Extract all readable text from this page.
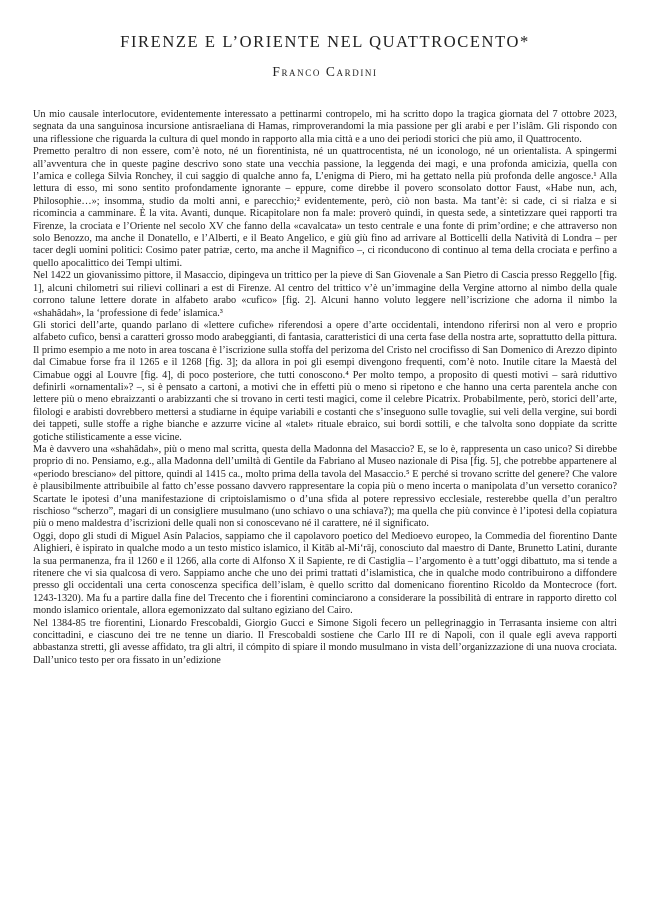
FIRENZE E L’ORIENTE NEL QUATTROCENTO*
Franco Cardini

Un mio causale interlocutore, evidentemente interessato a pettinarmi contropelo, mi ha scritto dopo la tragica giornata del 7 ottobre 2023, segnata da una sanguinosa incursione antisraeliana di Hamas, rimproverandomi la mia passione per gli arabi e per l’islâm. Gli rispondo con una riflessione che riguarda la cultura di quel mondo in rapporto alla mia città e a uno dei periodi storici che più amo, il Quattrocento.

Premetto peraltro di non essere, com’è noto, né un fiorentinista, né un quattrocentista, né un iconologo, né un orientalista. A spingermi all’avventura che in queste pagine descrivo sono state una vecchia passione, la leggenda dei magi, e una profonda amicizia, quella con l’amica e collega Silvia Ronchey, il cui saggio di qualche anno fa, L’enigma di Piero, mi ha gettato nella più profonda delle angosce.¹ Alla lettura di esso, mi sono sentito profondamente ignorante – eppure, come direbbe il povero sconsolato dottor Faust, «Habe nun, ach, Philosophie…»; insomma, studio da molti anni, e parecchio;² evidentemente, però, ciò non basta. Ma tant’è: si cade, ci si rialza e si ricomincia a camminare. È la vita. Avanti, dunque. Ricapitolare non fa male: proverò quindi, in questa sede, a sintetizzare quei rapporti tra Firenze, la crociata e l’Oriente nel secolo XV che fanno della «cavalcata» un testo centrale e una fonte di prim’ordine; e che attraverso non solo Benozzo, ma anche il Donatello, e l’Alberti, e il Beato Angelico, e giù giù fino ad arrivare al Botticelli della Natività di Londra – per tacer degli uomini politici: Cosimo pater patriæ, certo, ma anche il Magnifico –, ci riconducono di continuo al tema della crociata e perfino a quello apocalittico dei Tempi ultimi.

Nel 1422 un giovanissimo pittore, il Masaccio, dipingeva un trittico per la pieve di San Giovenale a San Pietro di Cascia presso Reggello [fig. 1], alcuni chilometri sui rilievi collinari a est di Firenze. Al centro del trittico v’è un’immagine della Vergine attorno al nimbo della quale corrono talune lettere dorate in alfabeto arabo «cufico» [fig. 2]. Alcuni hanno voluto leggere nell’iscrizione che adorna il nimbo la «shahâdah», la ‘professione di fede’ islamica.³

Gli storici dell’arte, quando parlano di «lettere cufiche» riferendosi a opere d’arte occidentali, intendono riferirsi non al vero e proprio alfabeto cufico, bensì a caratteri grosso modo arabeggianti, di fantasia, caratteristici di una certa fase della nostra arte, soprattutto della pittura. Il primo esempio a me noto in area toscana è l’iscrizione sulla stoffa del perizoma del Cristo nel crocifisso di San Domenico di Arezzo dipinto dal Cimabue forse fra il 1265 e il 1268 [fig. 3]; da allora in poi gli esempi divengono frequenti, com’è noto. Inutile citare la Maestà del Cimabue oggi al Louvre [fig. 4], di poco posteriore, che tutti conoscono.⁴ Per molto tempo, a proposito di questi motivi – sarà riduttivo definirli «ornamentali»? –, si è pensato a cartoni, a motivi che in effetti più o meno si ripetono e che hanno una certa parentela anche con lettere più o meno ebraizzanti o arabizzanti che si trovano in certi testi magici, come il celebre Picatrix. Probabilmente, però, storici dell’arte, filologi e arabisti dovrebbero mettersi a studiarne in équipe variabili e costanti che s’inseguono sulle tovaglie, sui veli della vergine, sui bordi dei tappeti, sulle stoffe a righe bianche e azzurre vicine al «talet» rituale ebraico, sui bordi sottili, e che talvolta sono doppiate da scritte gotiche stilisticamente a esse vicine.

Ma è davvero una «shahâdah», più o meno mal scritta, questa della Madonna del Masaccio? E, se lo è, rappresenta un caso unico? Si direbbe proprio di no. Pensiamo, e.g., alla Madonna dell’umiltà di Gentile da Fabriano al Museo nazionale di Pisa [fig. 5], che potrebbe appartenere al «periodo bresciano» del pittore, quindi al 1415 ca., molto prima della tavola del Masaccio.⁵ E perché si trovano scritte del genere? Che valore è plausibilmente attribuibile al fatto ch’esse possano davvero rappresentare la copia più o meno incerta o manipolata d’un versetto coranico? Scartate le ipotesi d’una manifestazione di criptoislamismo o d’una sfida al potere repressivo ecclesiale, resterebbe quella d’un peraltro rischioso “scherzo”, magari di un consigliere musulmano (uno schiavo o una schiava?); ma quella che più convince è l’ipotesi della copiatura più o meno maldestra d’iscrizioni delle quali non si conoscevano né il carattere, né il significato.

Oggi, dopo gli studi di Miguel Asín Palacios, sappiamo che il capolavoro poetico del Medioevo europeo, la Commedia del fiorentino Dante Alighieri, è ispirato in qualche modo a un testo mistico islamico, il Kitāb al-Mi‘rāj, conosciuto dal maestro di Dante, Brunetto Latini, durante la sua permanenza, fra il 1260 e il 1266, alla corte di Alfonso X il Sapiente, re di Castiglia – l’argomento è a tutt’oggi dibattuto, ma si tende a ritenere che vi sia qualcosa di vero. Sappiamo anche che uno dei primi trattati d’islamistica, che in qualche modo contribuirono a diffondere presso gli occidentali una certa conoscenza specifica dell’islam, è quello scritto dal domenicano fiorentino Ricoldo da Montecroce (fort. 1243-1320). Ma fu a partire dalla fine del Trecento che i fiorentini cominciarono a considerare la possibilità di entrare in rapporto diretto col mondo islamico orientale, allora egemonizzato dal sultano egiziano del Cairo.

Nel 1384-85 tre fiorentini, Lionardo Frescobaldi, Giorgio Gucci e Simone Sigoli fecero un pellegrinaggio in Terrasanta insieme con altri concittadini, e ciascuno dei tre ne tenne un diario. Il Frescobaldi sostiene che Carlo III re di Napoli, con il quale egli aveva rapporti abbastanza stretti, gli avesse affidato, tra gli altri, il cómpito di spiare il mondo musulmano in vista dell’organizzazione di una nuova crociata. Dall’unico testo per ora fissato in un’edizione
